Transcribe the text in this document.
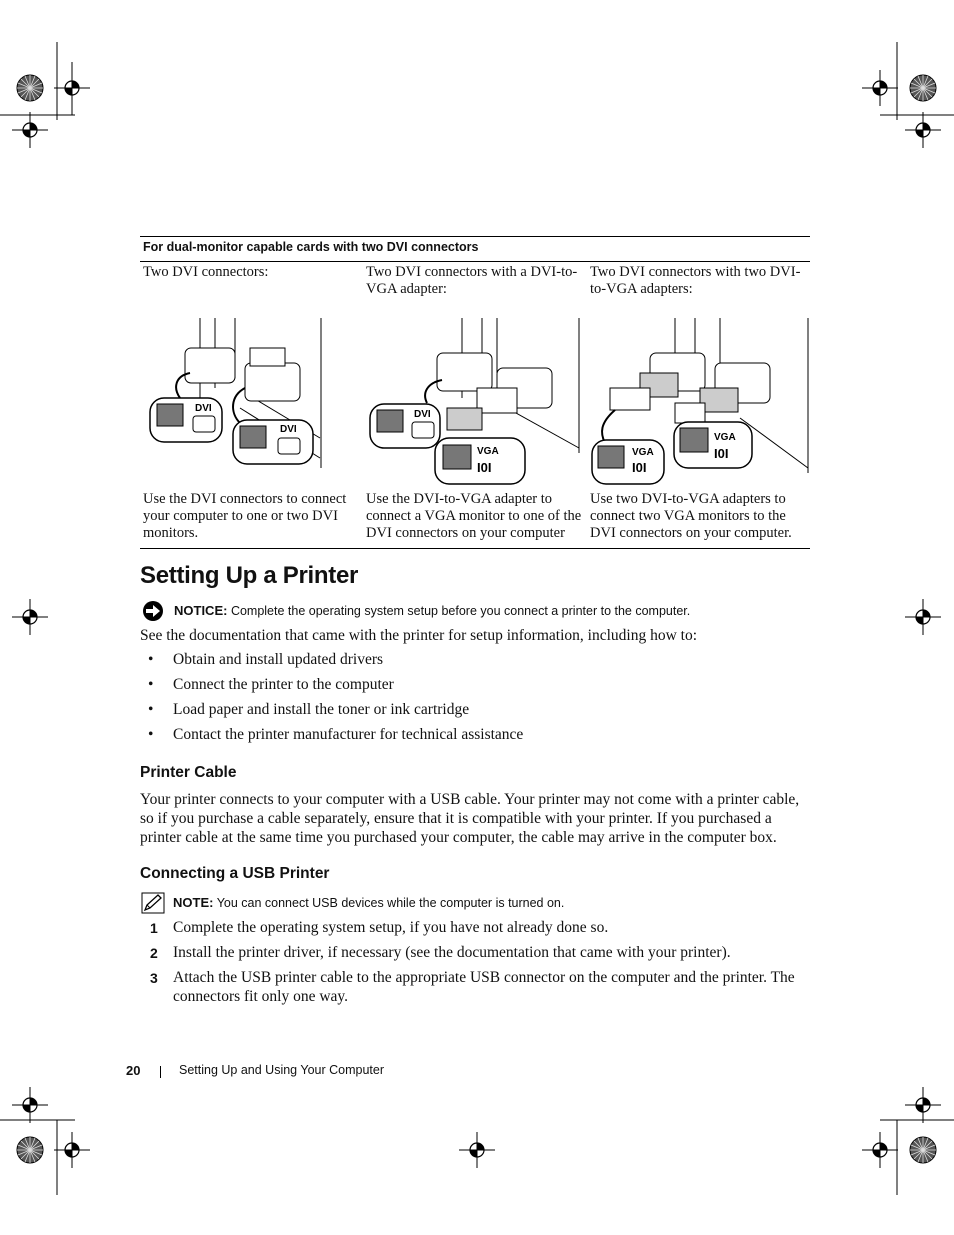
For dual-monitor capable cards with two DVI connectors
Two DVI connectors:	Two DVI connectors with a DVI-to-VGA adapter:
Two DVI connectors with two DVI-to-VGA adapters:
DVI
DVI
DVI
VGA
I0I
VGA
I0I
VGA
I0I
Use the DVI connectors to connect your computer to one or two DVI monitors.
Use the DVI-to-VGA adapter to connect a VGA monitor to one of the DVI connectors on your computer
Use two DVI-to-VGA adapters to connect two VGA monitors to the DVI connectors on your computer.
Setting Up a Printer
NOTICE: Complete the operating system setup before you connect a printer to the computer.
See the documentation that came with the printer for setup information, including how to:
• Obtain and install updated drivers
• Connect the printer to the computer
• Load paper and install the toner or ink cartridge
• Contact the printer manufacturer for technical assistance
Printer Cable
Your printer connects to your computer with a USB cable. Your printer may not come with a printer cable, so if you purchase a cable separately, ensure that it is compatible with your printer. If you purchased a printer cable at the same time you purchased your computer, the cable may arrive in the computer box.
Connecting a USB Printer
NOTE: You can connect USB devices while the computer is turned on.
1 Complete the operating system setup, if you have not already done so.
2 Install the printer driver, if necessary (see the documentation that came with your printer).
3 Attach the USB printer cable to the appropriate USB connector on the computer and the printer. The connectors fit only one way.
20	Setting Up and Using Your Computer
